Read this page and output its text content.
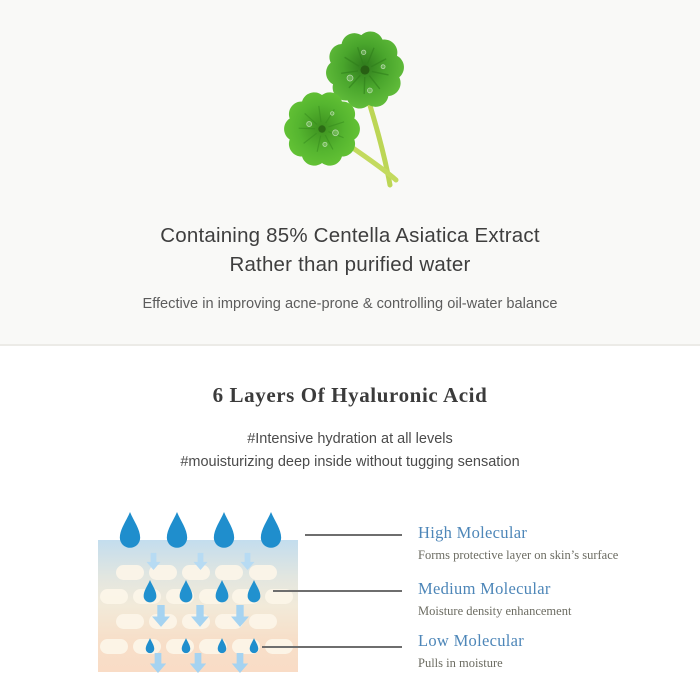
Containing 85% Centella Asiatica Extract
Rather than purified water
Effective in improving acne-prone & controlling oil-water balance
6 Layers Of Hyaluronic Acid
#Intensive hydration at all levels
#mouisturizing deep inside without tugging sensation
High Molecular
Forms protective layer on skin’s surface
Medium Molecular
Moisture density enhancement
Low Molecular
Pulls in moisture
